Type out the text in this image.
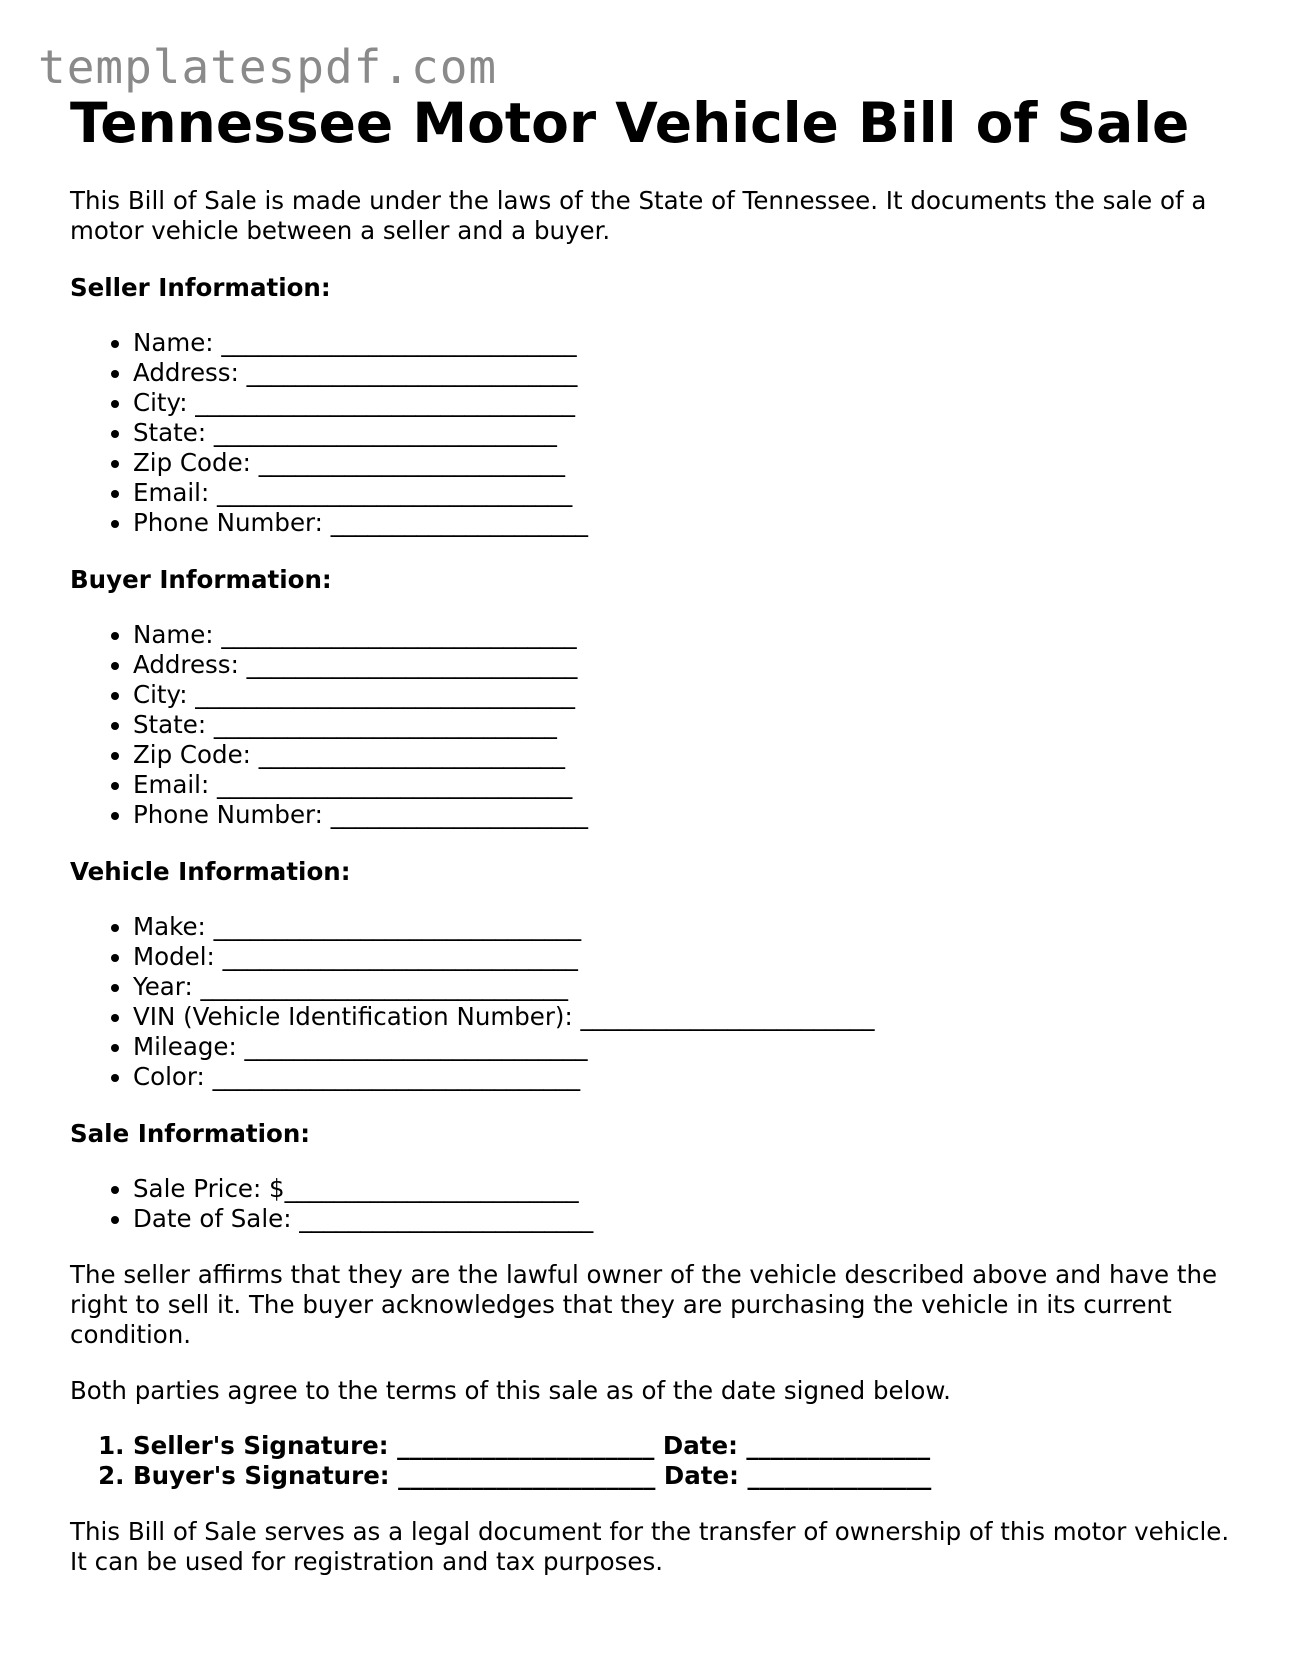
templatespdf.com
Tennessee Motor Vehicle Bill of Sale

This Bill of Sale is made under the laws of the State of Tennessee. It documents the sale of a motor vehicle between a seller and a buyer.

Seller Information:
• Name: _____________________________
• Address: ___________________________
• City: _______________________________
• State: ____________________________
• Zip Code: _________________________
• Email: _____________________________
• Phone Number: _____________________
Buyer Information:
• Name: _____________________________
• Address: ___________________________
• City: _______________________________
• State: ____________________________
• Zip Code: _________________________
• Email: _____________________________
• Phone Number: _____________________
Vehicle Information:
• Make: ______________________________
• Model: _____________________________
• Year: ______________________________
• VIN (Vehicle Identification Number): ________________________
• Mileage: ____________________________
• Color: ______________________________
Sale Information:
• Sale Price: $________________________
• Date of Sale: ________________________

The seller affirms that they are the lawful owner of the vehicle described above and have the right to sell it. The buyer acknowledges that they are purchasing the vehicle in its current condition.

Both parties agree to the terms of this sale as of the date signed below.

1. Seller's Signature: _____________________ Date: _______________
2. Buyer's Signature: _____________________ Date: _______________

This Bill of Sale serves as a legal document for the transfer of ownership of this motor vehicle. It can be used for registration and tax purposes.
